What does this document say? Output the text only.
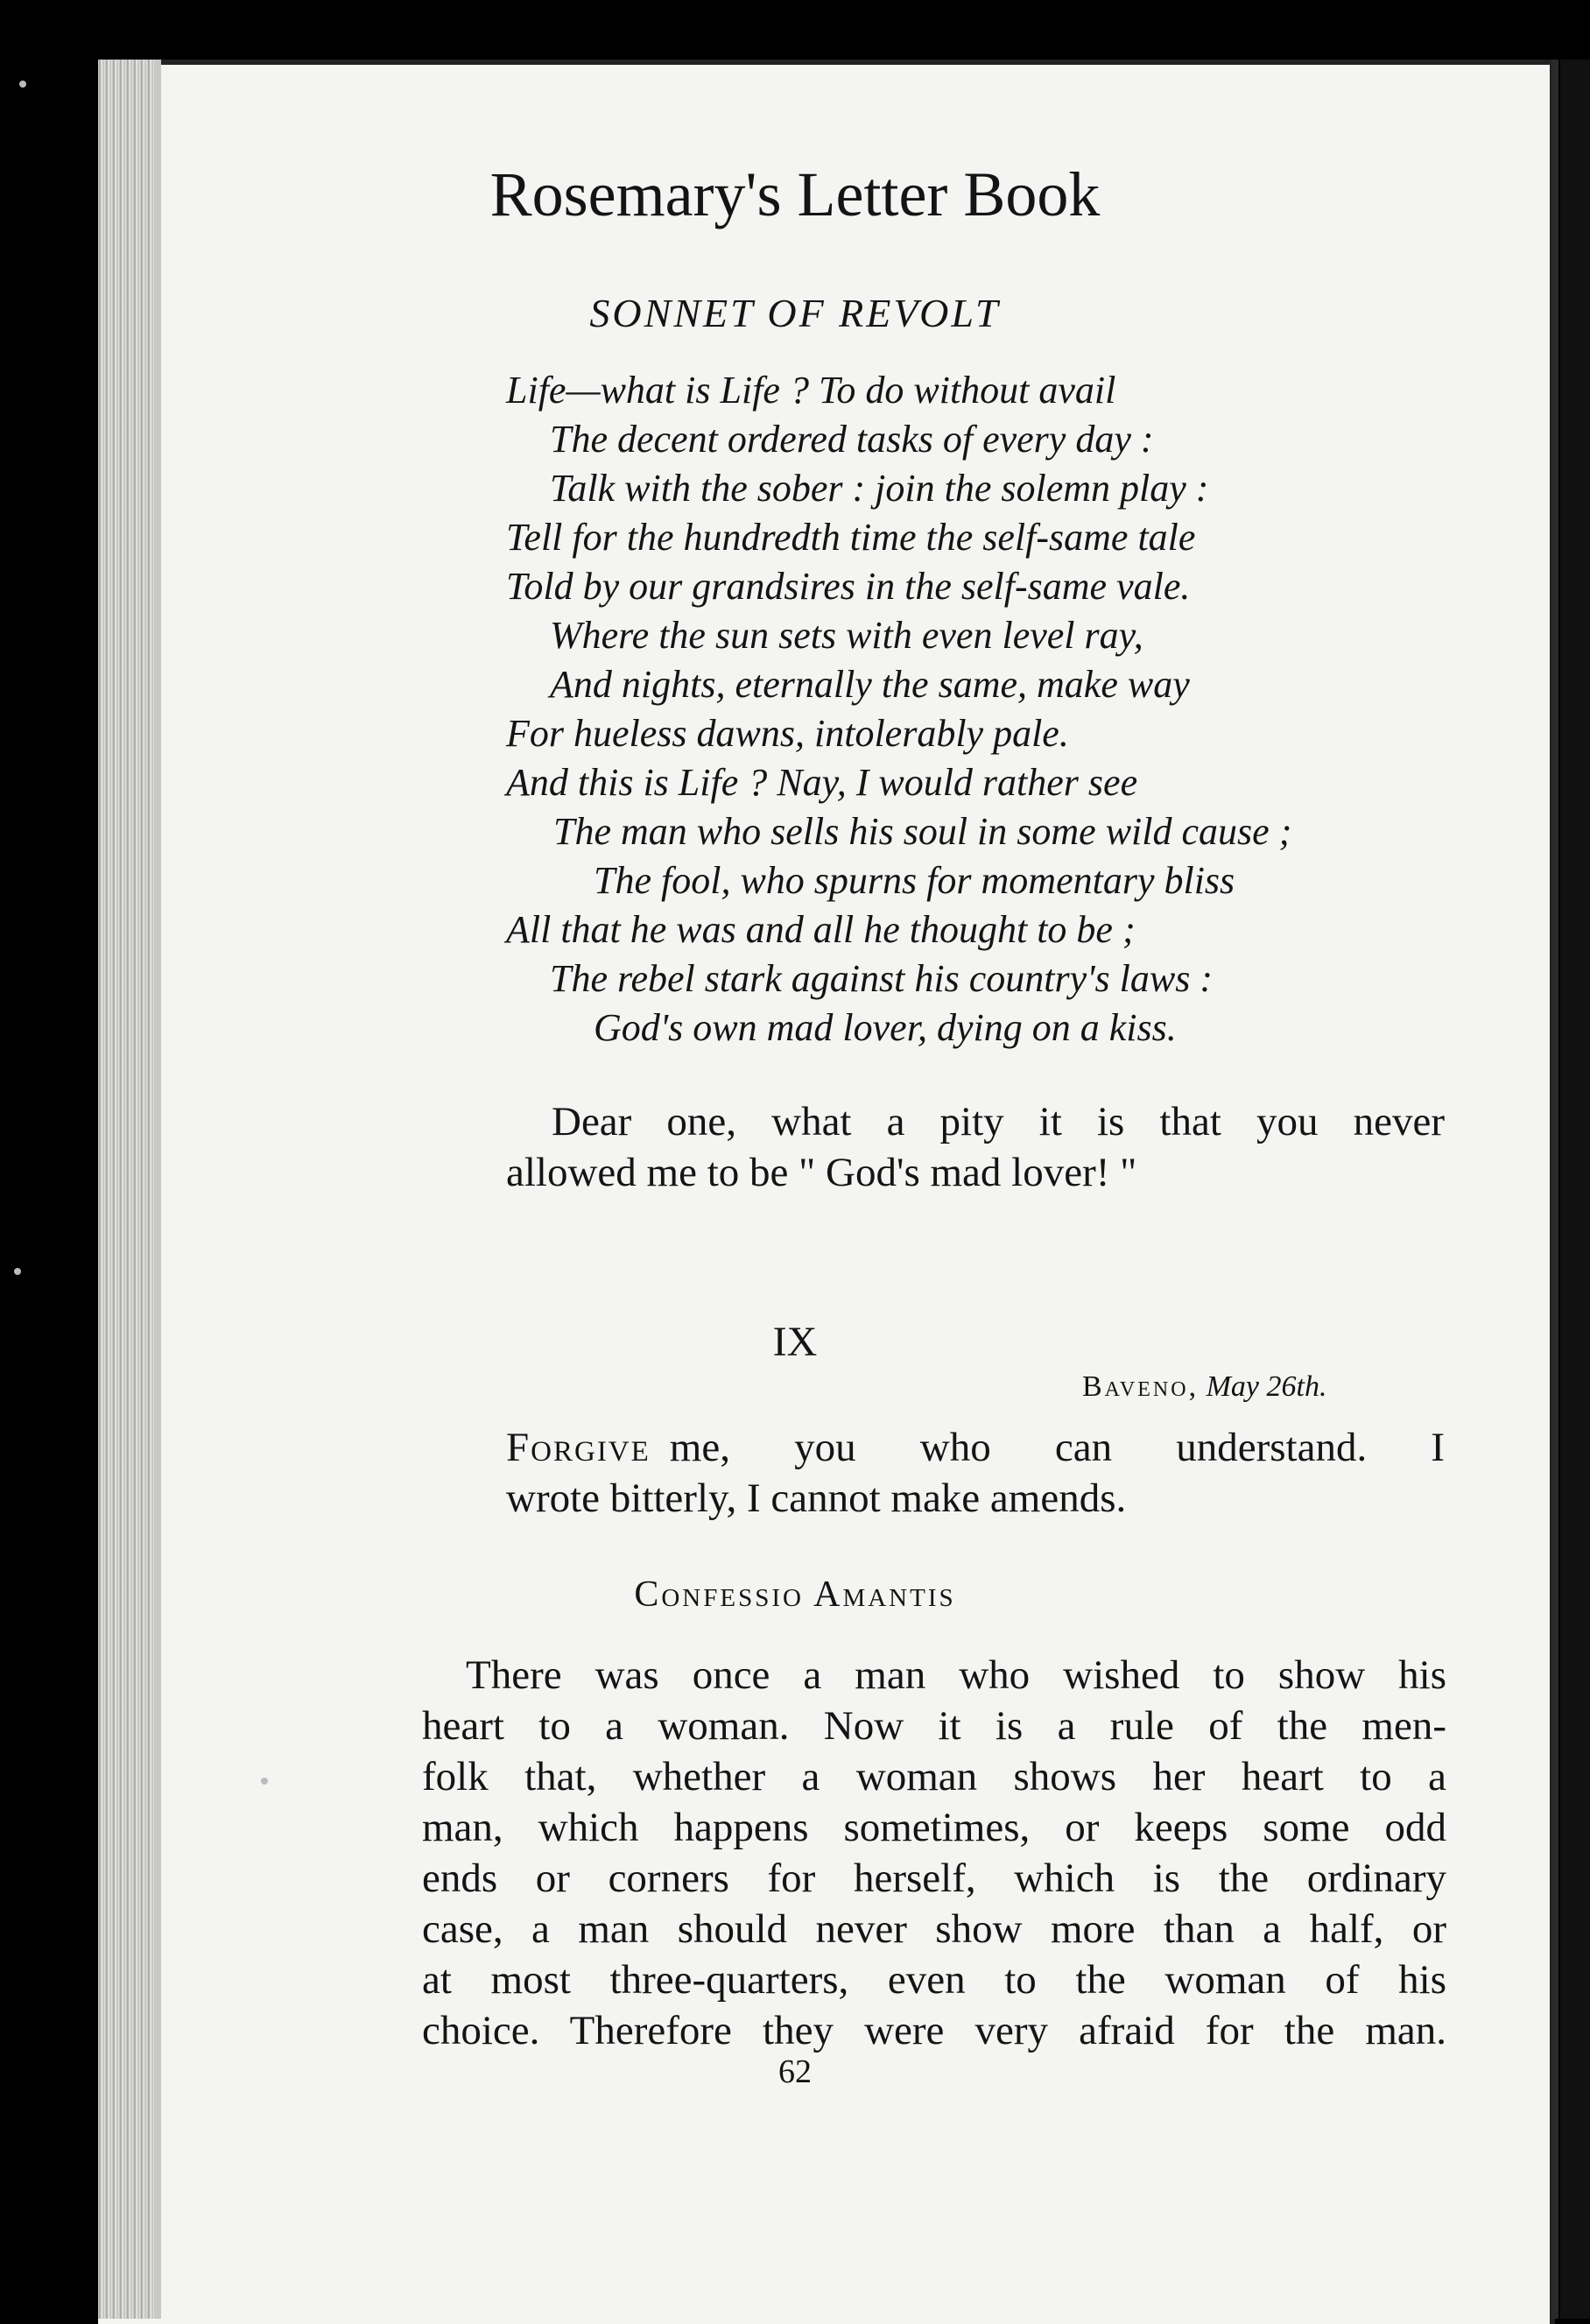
Rosemary's Letter Book
SONNET OF REVOLT
Life—what is Life ? To do without avail
The decent ordered tasks of every day :
Talk with the sober : join the solemn play :
Tell for the hundredth time the self-same tale
Told by our grandsires in the self-same vale.
Where the sun sets with even level ray,
And nights, eternally the same, make way
For hueless dawns, intolerably pale.
And this is Life ? Nay, I would rather see
The man who sells his soul in some wild cause ;
The fool, who spurns for momentary bliss
All that he was and all he thought to be ;
The rebel stark against his country's laws :
God's own mad lover, dying on a kiss.
Dear one, what a pity it is that you never
allowed me to be " God's mad lover! "
IX
Baveno, May 26th.
Forgive me, you who can understand. I
wrote bitterly, I cannot make amends.
Confessio Amantis
There was once a man who wished to show his
heart to a woman. Now it is a rule of the men-
folk that, whether a woman shows her heart to a
man, which happens sometimes, or keeps some odd
ends or corners for herself, which is the ordinary
case, a man should never show more than a half, or
at most three-quarters, even to the woman of his
choice. Therefore they were very afraid for the man.
62
